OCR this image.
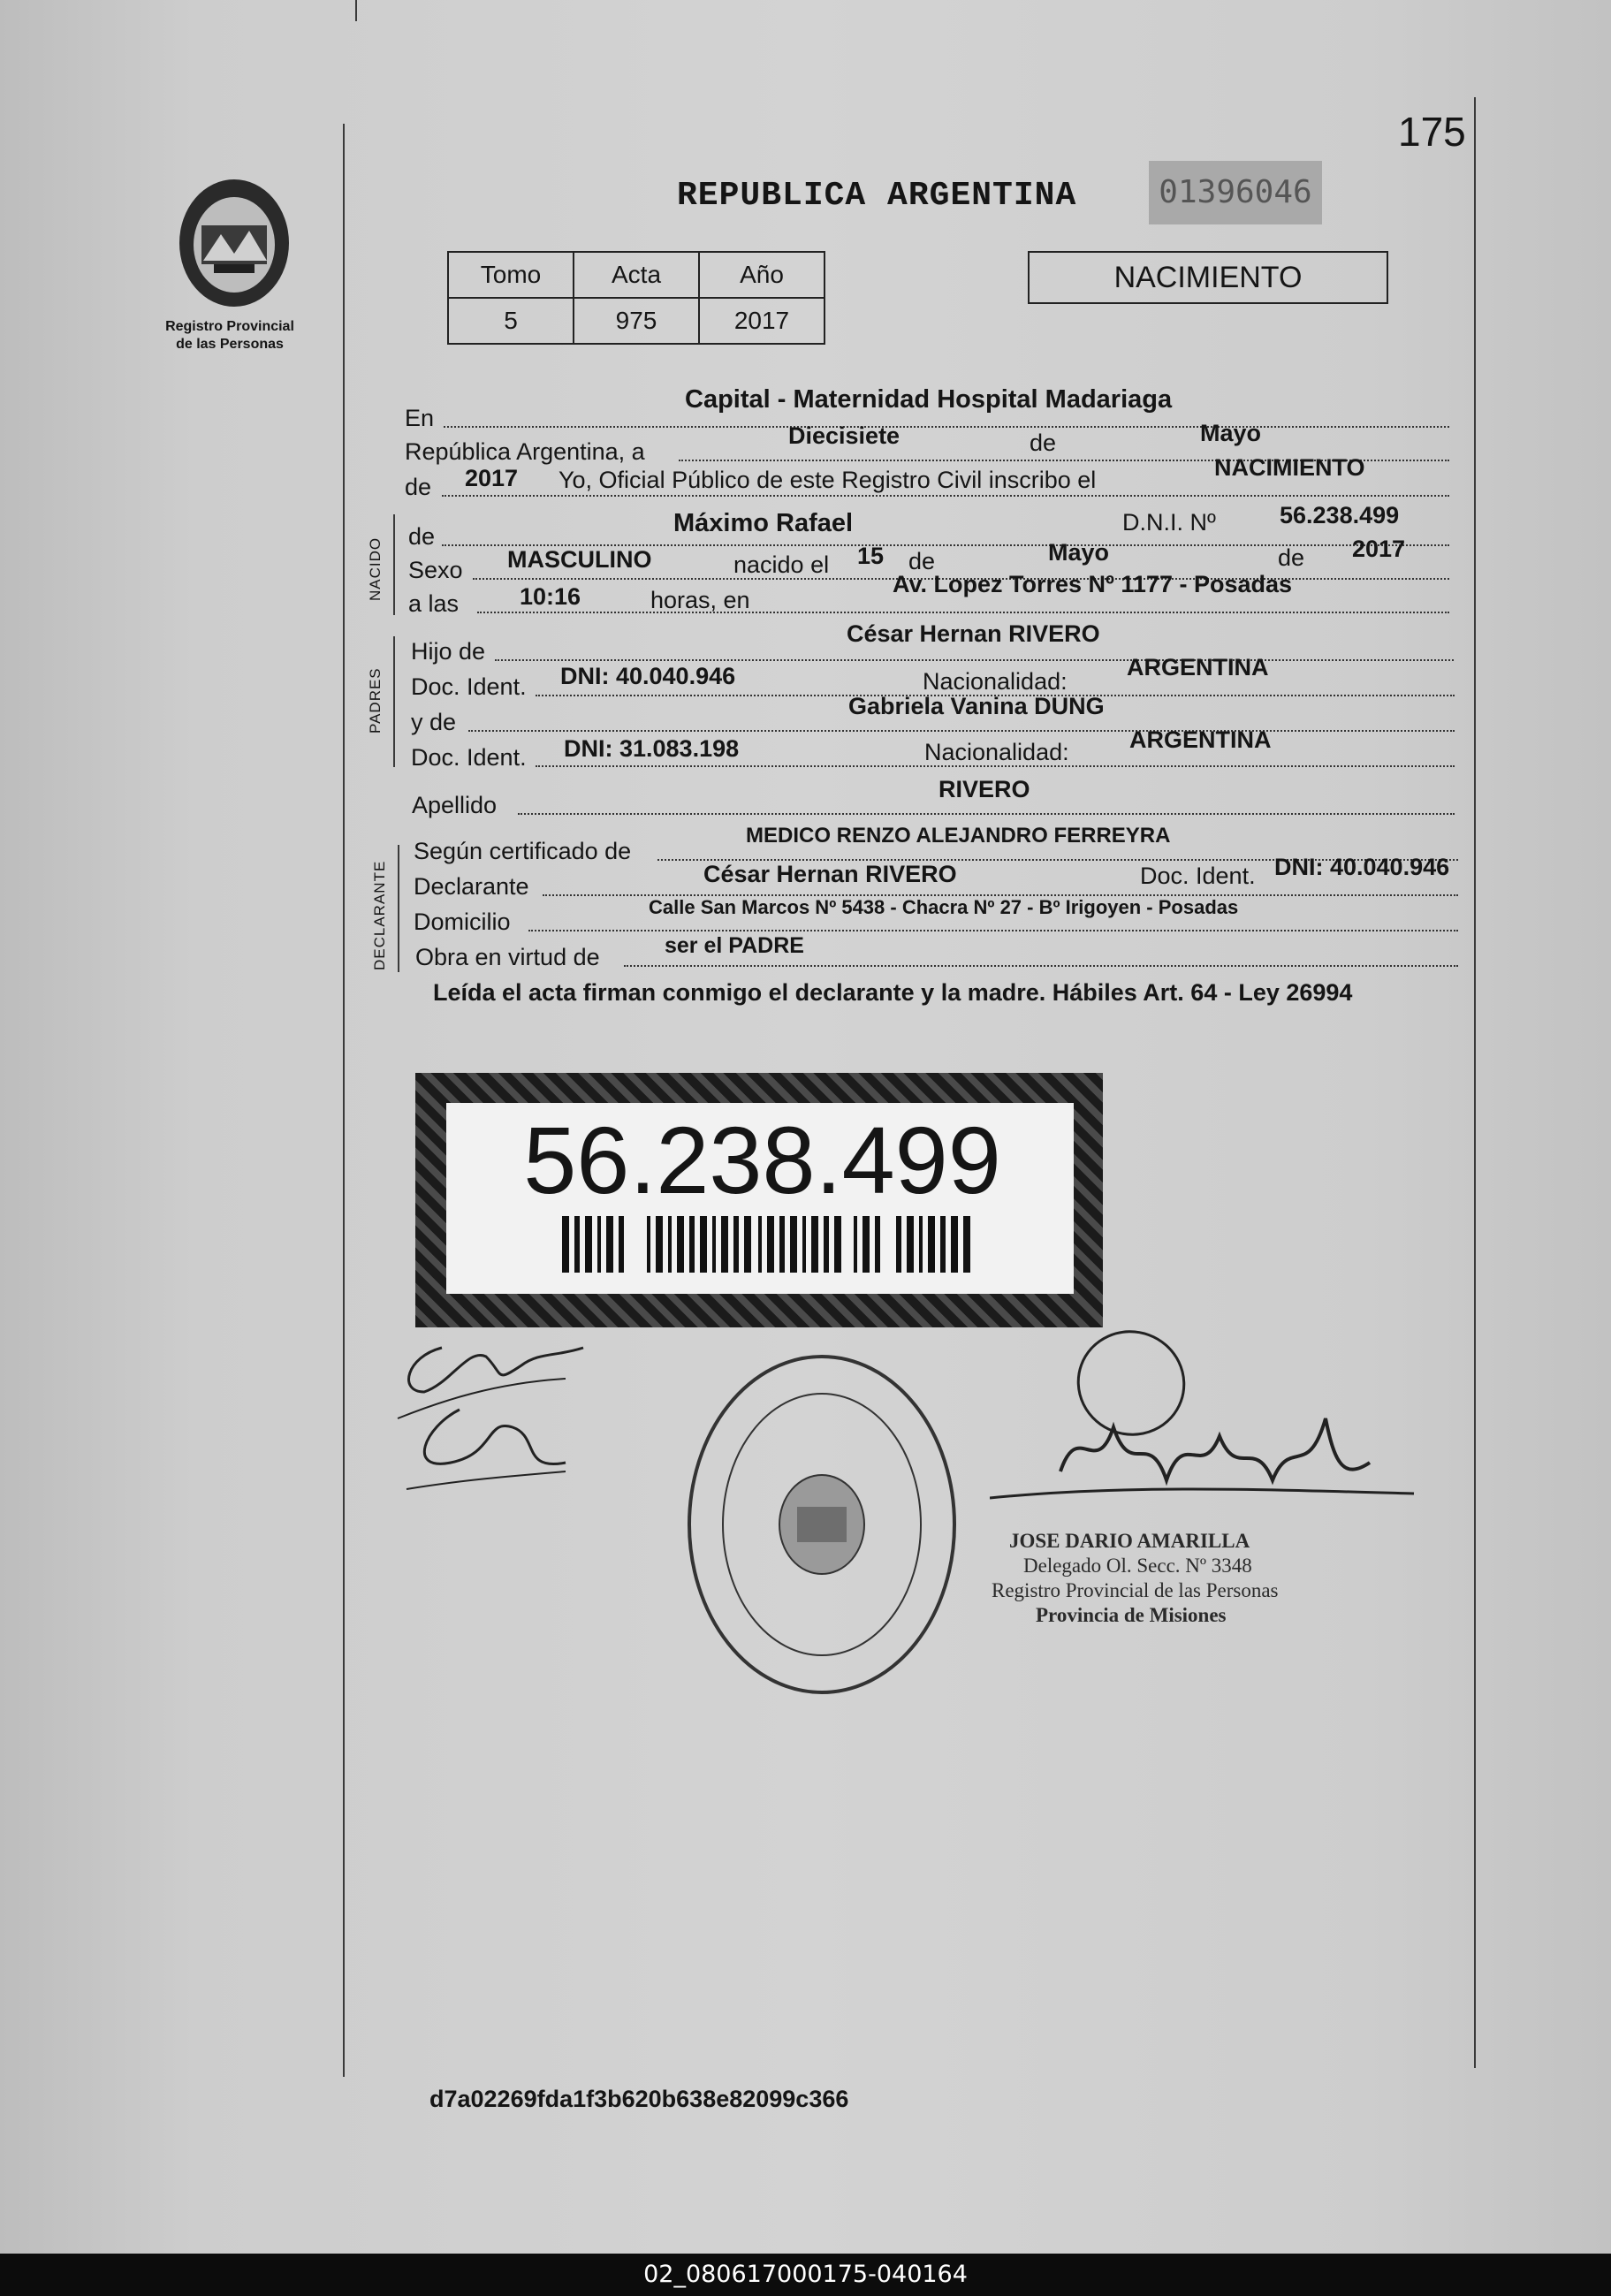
175
Registro Provincial
de las Personas
REPUBLICA ARGENTINA	01396046
Tomo	Acta	Año
5	975	2017
NACIMIENTO
En
Capital - Maternidad Hospital Madariaga
República Argentina, a
Diecisiete	de	Mayo
de 2017 Yo, Oficial Público de este Registro Civil inscribo el	NACIMIENTO
NACIDO
de	Máximo Rafael	D.N.I. Nº	56.238.499
Sexo MASCULINO	nacido el 15 de	Mayo	de 2017
a las	10:16	horas, en
Av. Lopez Torres Nº 1177 - Posadas
PADRES
Hijo de
César Hernan RIVERO
Doc. Ident. DNI: 40.040.946	Nacionalidad:
ARGENTINA
y de
Gabriela Vanina DUNG
Doc. Ident. DNI: 31.083.198	Nacionalidad:	ARGENTINA
Apellido
RIVERO
DECLARANTE
Según certificado de
MEDICO RENZO ALEJANDRO FERREYRA
Declarante	César Hernan RIVERO	Doc. Ident. DNI: 40.040.946
Domicilio
Calle San Marcos Nº 5438 - Chacra Nº 27 - Bº Irigoyen - Posadas
Obra en virtud de	ser el PADRE
Leída el acta firman conmigo el declarante y la madre. Hábiles Art. 64 - Ley 26994
56.238.499
JOSE DARIO AMARILLA
Delegado Ol. Secc. Nº 3348
Registro Provincial de las Personas
Provincia de Misiones
d7a02269fda1f3b620b638e82099c366
02_080617000175-040164
